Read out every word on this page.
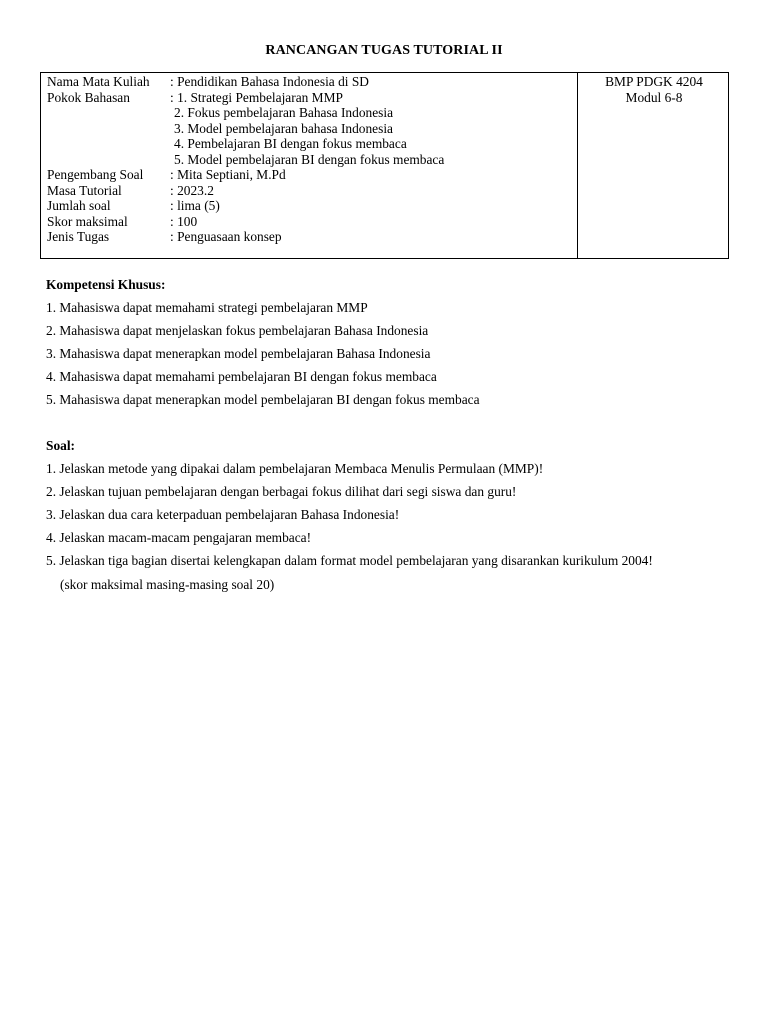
RANCANGAN TUGAS TUTORIAL II
Nama Mata Kuliah : Pendidikan Bahasa Indonesia di SD
Pokok Bahasan	: 1. Strategi Pembelajaran MMP
2. Fokus pembelajaran Bahasa Indonesia
3. Model pembelajaran bahasa Indonesia
4. Pembelajaran BI dengan fokus membaca
5. Model pembelajaran BI dengan fokus membaca
Pengembang Soal : Mita Septiani, M.Pd
Masa Tutorial	: 2023.2
Jumlah soal	: lima (5)
Skor maksimal	: 100
Jenis Tugas	: Penguasaan konsep
BMP PDGK 4204
Modul 6-8
Kompetensi Khusus:
1. Mahasiswa dapat memahami strategi pembelajaran MMP
2. Mahasiswa dapat menjelaskan fokus pembelajaran Bahasa Indonesia
3. Mahasiswa dapat menerapkan model pembelajaran Bahasa Indonesia
4. Mahasiswa dapat memahami pembelajaran BI dengan fokus membaca
5. Mahasiswa dapat menerapkan model pembelajaran BI dengan fokus membaca
Soal:
1. Jelaskan metode yang dipakai dalam pembelajaran Membaca Menulis Permulaan (MMP)!
2. Jelaskan tujuan pembelajaran dengan berbagai fokus dilihat dari segi siswa dan guru!
3. Jelaskan dua cara keterpaduan pembelajaran Bahasa Indonesia!
4. Jelaskan macam-macam pengajaran membaca!
5. Jelaskan tiga bagian disertai kelengkapan dalam format model pembelajaran yang disarankan kurikulum 2004!
(skor maksimal masing-masing soal 20)
